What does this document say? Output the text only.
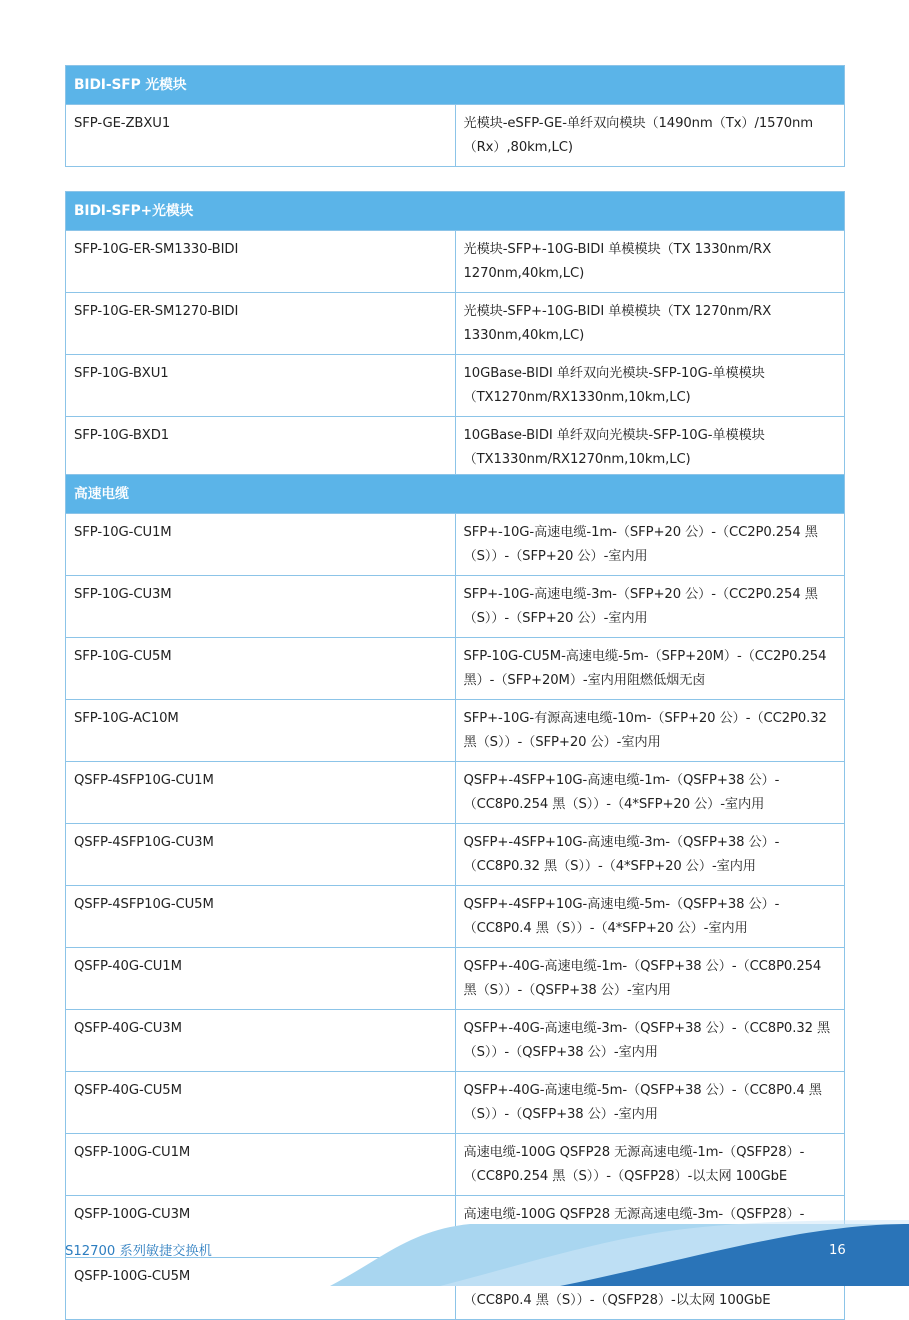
BIDI-SFP 光模块
SFP-GE-ZBXU1	光模块-eSFP-GE-单纤双向模块（1490nm（Tx）/1570nm（Rx）,80km,LC)
BIDI-SFP+光模块	
SFP-10G-ER-SM1330-BIDI	光模块-SFP+-10G-BIDI 单模模块（TX 1330nm/RX 1270nm,40km,LC)
SFP-10G-ER-SM1270-BIDI	光模块-SFP+-10G-BIDI 单模模块（TX 1270nm/RX 1330nm,40km,LC)
SFP-10G-BXU1	10GBase-BIDI 单纤双向光模块-SFP-10G-单模模块（TX1270nm/RX1330nm,10km,LC)
SFP-10G-BXD1	10GBase-BIDI 单纤双向光模块-SFP-10G-单模模块（TX1330nm/RX1270nm,10km,LC)
高速电缆	
SFP-10G-CU1M	SFP+-10G-高速电缆-1m-（SFP+20 公）-（CC2P0.254 黑（S））-（SFP+20 公）-室内用
SFP-10G-CU3M	SFP+-10G-高速电缆-3m-（SFP+20 公）-（CC2P0.254 黑（S））-（SFP+20 公）-室内用
SFP-10G-CU5M	SFP-10G-CU5M-高速电缆-5m-（SFP+20M）-（CC2P0.254 黑）-（SFP+20M）-室内用阻燃低烟无卤
SFP-10G-AC10M	SFP+-10G-有源高速电缆-10m-（SFP+20 公）-（CC2P0.32 黑（S））-（SFP+20 公）-室内用
QSFP-4SFP10G-CU1M	QSFP+-4SFP+10G-高速电缆-1m-（QSFP+38 公）-（CC8P0.254 黑（S））-（4*SFP+20 公）-室内用
QSFP-4SFP10G-CU3M	QSFP+-4SFP+10G-高速电缆-3m-（QSFP+38 公）-（CC8P0.32 黑（S））-（4*SFP+20 公）-室内用
QSFP-4SFP10G-CU5M	QSFP+-4SFP+10G-高速电缆-5m-（QSFP+38 公）-（CC8P0.4 黑（S））-（4*SFP+20 公）-室内用
QSFP-40G-CU1M	QSFP+-40G-高速电缆-1m-（QSFP+38 公）-（CC8P0.254 黑（S））-（QSFP+38 公）-室内用
QSFP-40G-CU3M	QSFP+-40G-高速电缆-3m-（QSFP+38 公）-（CC8P0.32 黑（S））-（QSFP+38 公）-室内用
QSFP-40G-CU5M	QSFP+-40G-高速电缆-5m-（QSFP+38 公）-（CC8P0.4 黑（S））-（QSFP+38 公）-室内用
QSFP-100G-CU1M	高速电缆-100G QSFP28 无源高速电缆-1m-（QSFP28）-（CC8P0.254 黑（S））-（QSFP28）-以太网 100GbE
QSFP-100G-CU3M	高速电缆-100G QSFP28 无源高速电缆-3m-（QSFP28）-
QSFP-100G-CU5M	（CC8P0.4 黑（S））-（QSFP28）-以太网 100GbE
S12700 系列敏捷交换机	16
